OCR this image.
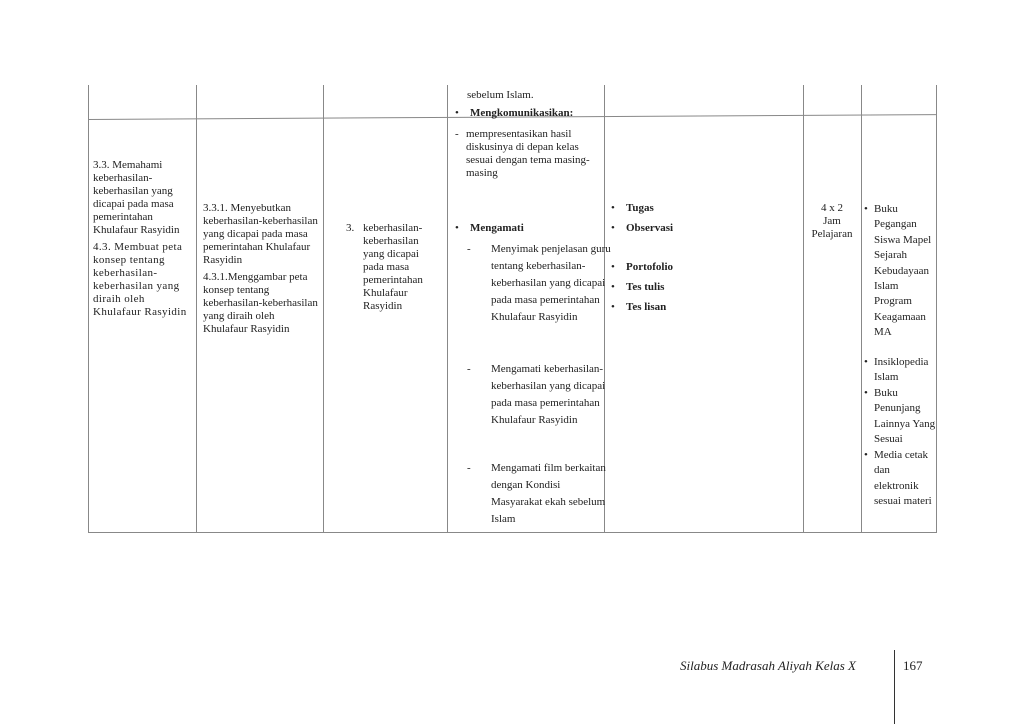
3.3. Memahami keberhasilan-keberhasilan yang dicapai pada masa pemerintahan Khulafaur Rasyidin

4.3. Membuat peta konsep tentang keberhasilan-keberhasilan yang diraih oleh Khulafaur Rasyidin

3.3.1. Menyebutkan keberhasilan-keberhasilan yang dicapai pada masa pemerintahan Khulafaur Rasyidin

4.3.1.Menggambar peta konsep tentang keberhasilan-keberhasilan yang diraih oleh Khulafaur Rasyidin

3. keberhasilan-keberhasilan yang dicapai pada masa pemerintahan Khulafaur Rasyidin
sebelum Islam.
• Mengkomunikasikan:
- mempresentasikan hasil diskusinya di depan kelas sesuai dengan tema masing-masing
• Mengamati
- Menyimak penjelasan guru tentang keberhasilan-keberhasilan yang dicapai pada masa pemerintahan Khulafaur Rasyidin
- Mengamati keberhasilan-keberhasilan yang dicapai pada masa pemerintahan Khulafaur Rasyidin
- Mengamati film berkaitan dengan Kondisi Masyarakat ekah sebelum Islam
• Tugas
• Observasi
• Portofolio
• Tes tulis
• Tes lisan

4 x 2

Jam

Pelajaran

• Buku Pegangan Siswa Mapel Sejarah Kebudayaan Islam Program Keagamaan MA
• Insiklopedia Islam
• Buku Penunjang Lainnya Yang Sesuai
• Media cetak dan elektronik sesuai materi
Silabus Madrasah Aliyah Kelas X	167
